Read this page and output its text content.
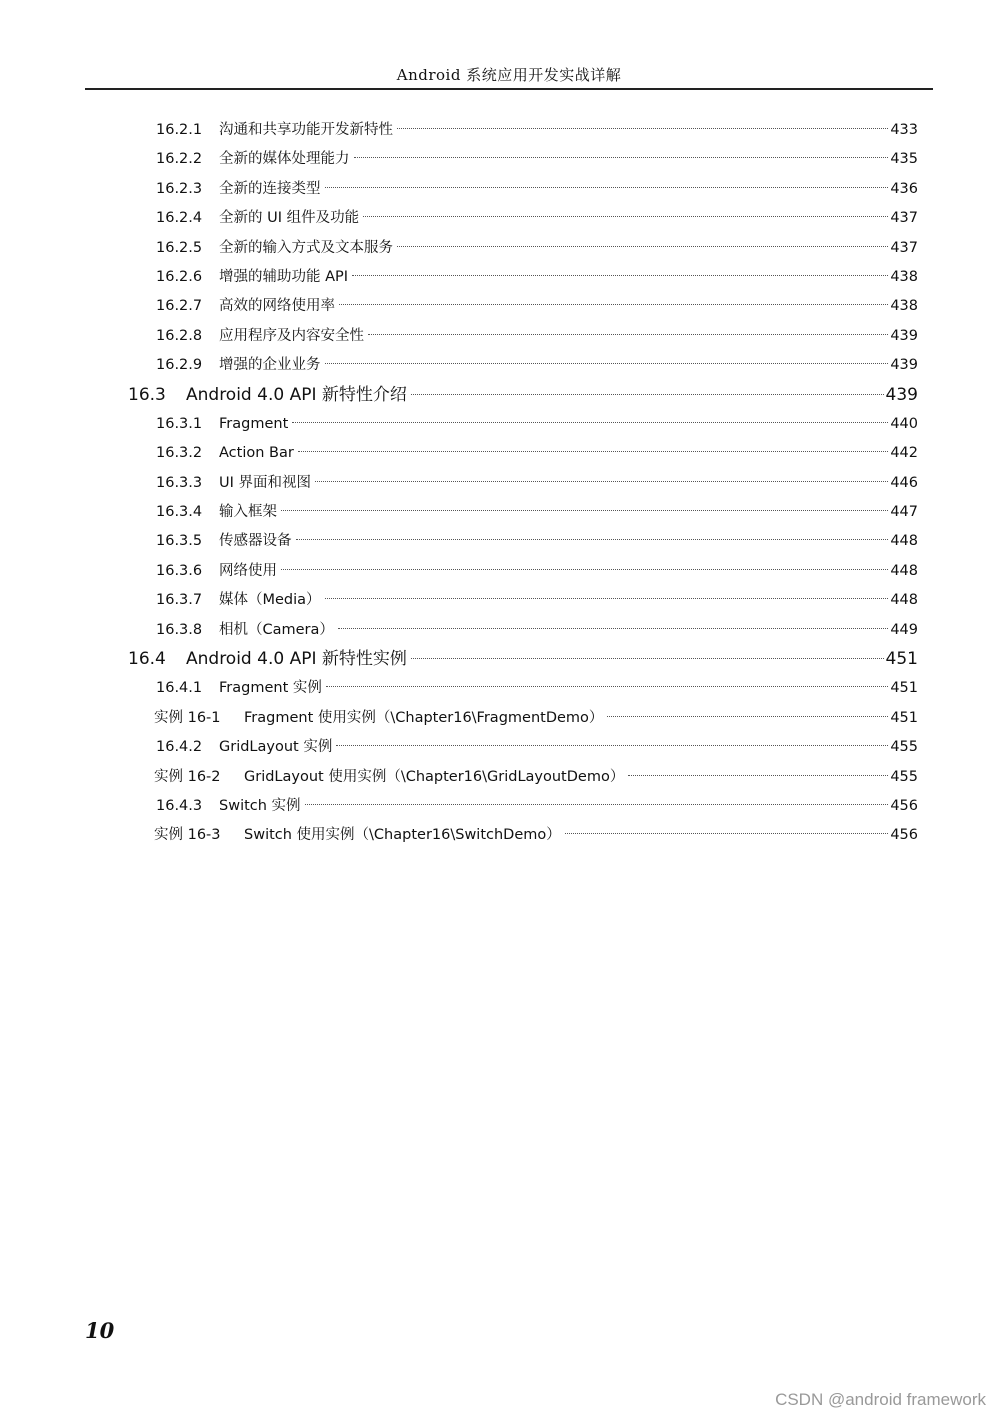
Android 系统应用开发实战详解
16.2.1	沟通和共享功能开发新特性	433
16.2.2	全新的媒体处理能力	435
16.2.3	全新的连接类型	436
16.2.4	全新的 UI 组件及功能	437
16.2.5	全新的输入方式及文本服务	437
16.2.6	增强的辅助功能 API	438
16.2.7	高效的网络使用率	438
16.2.8	应用程序及内容安全性	439
16.2.9	增强的企业业务	439
16.3	Android 4.0 API 新特性介绍	439
16.3.1	Fragment	440
16.3.2	Action Bar	442
16.3.3	UI 界面和视图	446
16.3.4	输入框架	447
16.3.5	传感器设备	448
16.3.6	网络使用	448
16.3.7	媒体（Media）	448
16.3.8	相机（Camera）	449
16.4	Android 4.0 API 新特性实例	451
16.4.1	Fragment 实例	451
实例 16-1	Fragment 使用实例（\Chapter16\FragmentDemo）	451
16.4.2	GridLayout 实例	455
实例 16-2	GridLayout 使用实例（\Chapter16\GridLayoutDemo）	455
16.4.3	Switch 实例	456
实例 16-3	Switch 使用实例（\Chapter16\SwitchDemo）	456
10
CSDN @android framework
